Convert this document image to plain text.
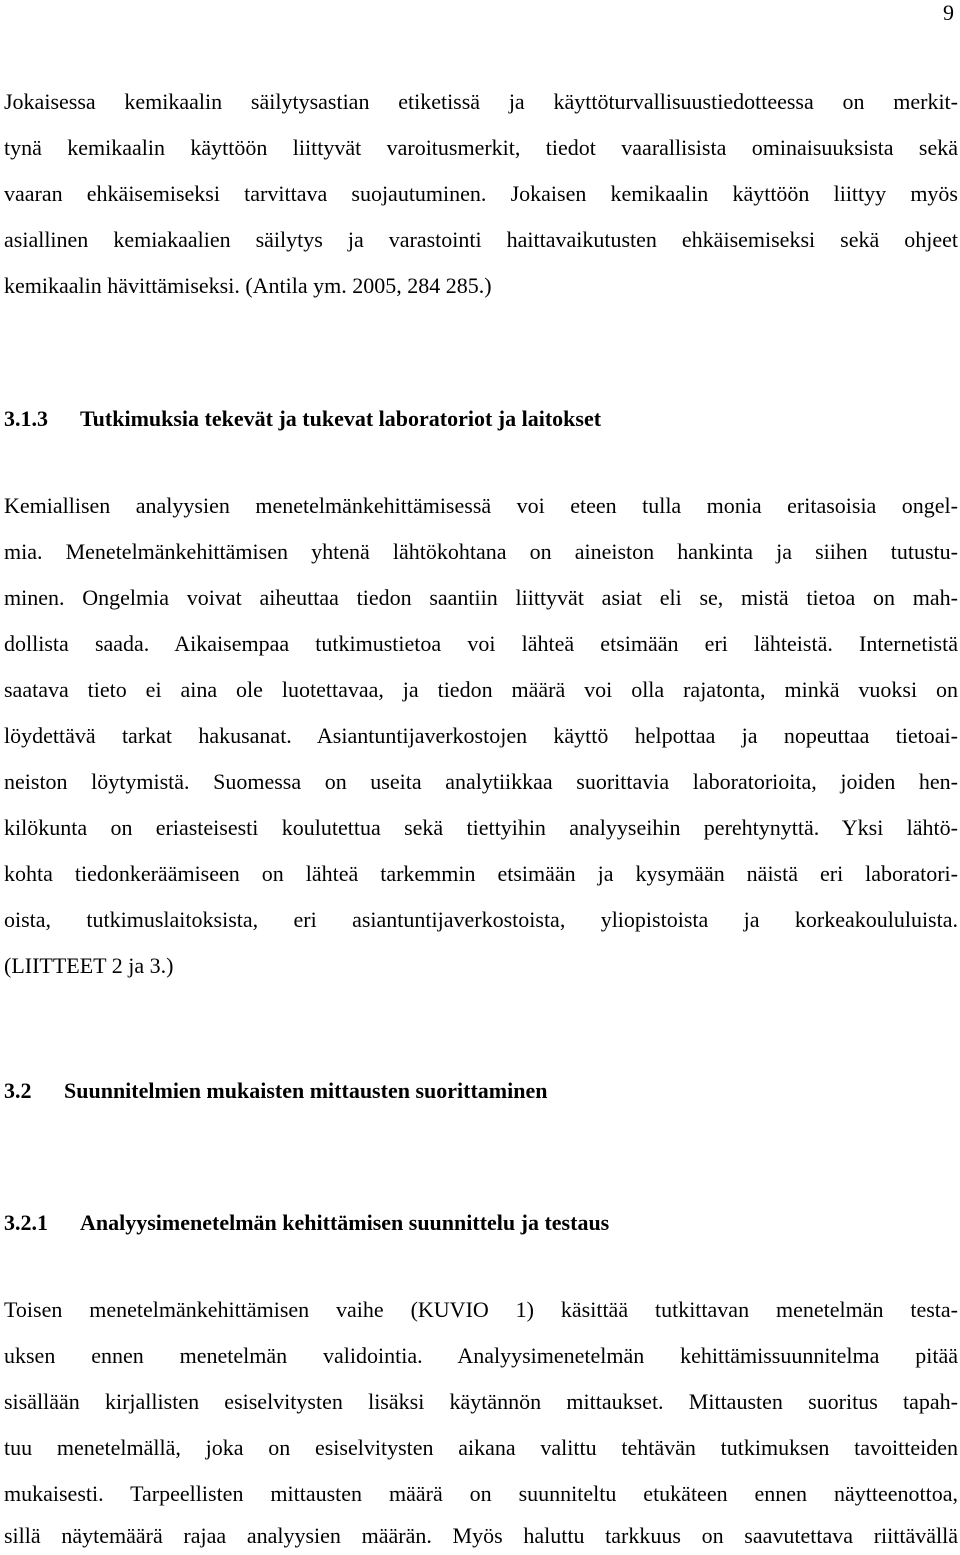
9
Jokaisessa kemikaalin säilytysastian etiketissä ja käyttöturvallisuustiedotteessa on merkit-
tynä kemikaalin käyttöön liittyvät varoitusmerkit, tiedot vaarallisista ominaisuuksista sekä
vaaran ehkäisemiseksi tarvittava suojautuminen. Jokaisen kemikaalin käyttöön liittyy myös
asiallinen kemiakaalien säilytys ja varastointi haittavaikutusten ehkäisemiseksi sekä ohjeet
kemikaalin hävittämiseksi. (Antila ym. 2005, 284 285.)
3.1.3 Tutkimuksia tekevät ja tukevat laboratoriot ja laitokset
Kemiallisen analyysien menetelmänkehittämisessä voi eteen tulla monia eritasoisia ongel-
mia. Menetelmänkehittämisen yhtenä lähtökohtana on aineiston hankinta ja siihen tutustu-
minen. Ongelmia voivat aiheuttaa tiedon saantiin liittyvät asiat eli se, mistä tietoa on mah-
dollista saada. Aikaisempaa tutkimustietoa voi lähteä etsimään eri lähteistä. Internetistä
saatava tieto ei aina ole luotettavaa, ja tiedon määrä voi olla rajatonta, minkä vuoksi on
löydettävä tarkat hakusanat. Asiantuntijaverkostojen käyttö helpottaa ja nopeuttaa tietoai-
neiston löytymistä. Suomessa on useita analytiikkaa suorittavia laboratorioita, joiden hen-
kilökunta on eriasteisesti koulutettua sekä tiettyihin analyyseihin perehtynyttä. Yksi lähtö-
kohta tiedonkeräämiseen on lähteä tarkemmin etsimään ja kysymään näistä eri laboratori-
oista, tutkimuslaitoksista, eri asiantuntijaverkostoista, yliopistoista ja korkeakoululuista.
(LIITTEET 2 ja 3.)
3.2 Suunnitelmien mukaisten mittausten suorittaminen
3.2.1 Analyysimenetelmän kehittämisen suunnittelu ja testaus
Toisen menetelmänkehittämisen vaihe (KUVIO 1) käsittää tutkittavan menetelmän testa-
uksen ennen menetelmän validointia. Analyysimenetelmän kehittämissuunnitelma pitää
sisällään kirjallisten esiselvitysten lisäksi käytännön mittaukset. Mittausten suoritus tapah-
tuu menetelmällä, joka on esiselvitysten aikana valittu tehtävän tutkimuksen tavoitteiden
mukaisesti. Tarpeellisten mittausten määrä on suunniteltu etukäteen ennen näytteenottoa,
sillä näytemäärä rajaa analyysien määrän. Myös haluttu tarkkuus on saavutettava riittävällä
